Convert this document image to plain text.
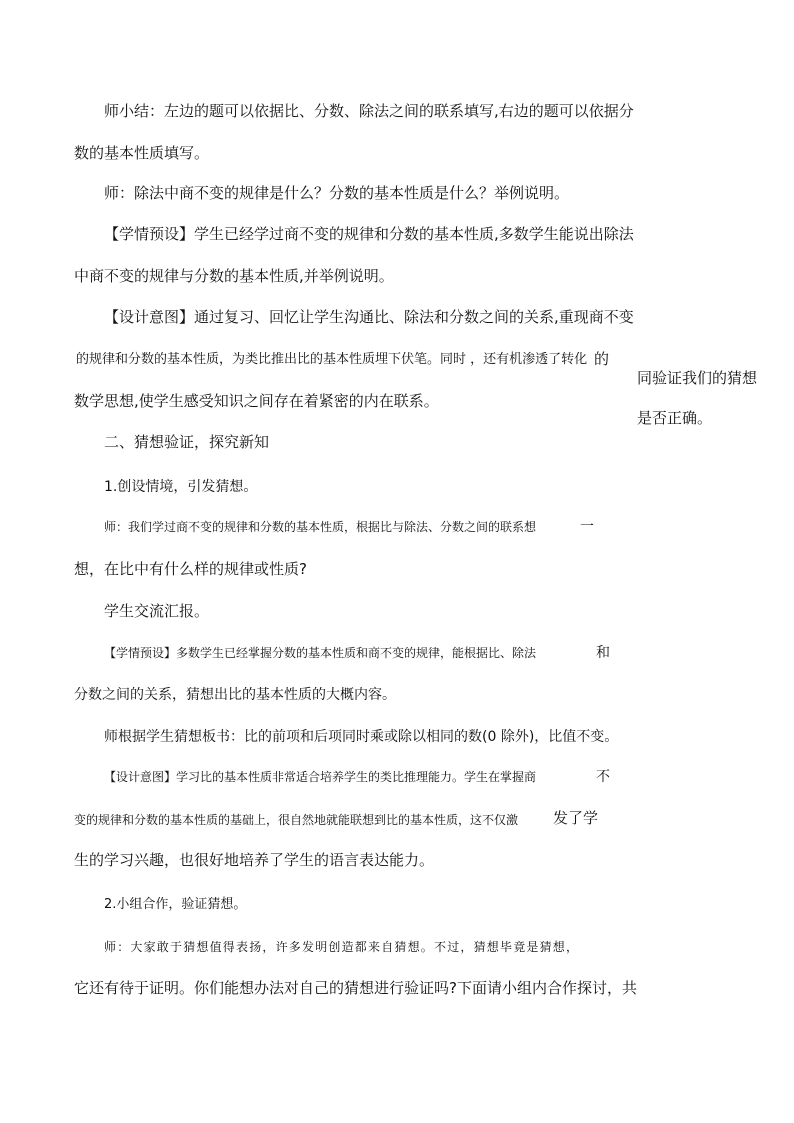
师小结：左边的题可以依据比、分数、除法之间的联系填写,右边的题可以依据分
数的基本性质填写。
师：除法中商不变的规律是什么？分数的基本性质是什么？举例说明。
【学情预设】学生已经学过商不变的规律和分数的基本性质,多数学生能说出除法
中商不变的规律与分数的基本性质,并举例说明。
【设计意图】通过复习、回忆让学生沟通比、除法和分数之间的关系,重现商不变
的规律和分数的基本性质，为类比推出比的基本性质埋下伏笔。同时 ，还有机渗透了转化 的
数学思想,使学生感受知识之间存在着紧密的内在联系。
同验证我们的猜想
是否正确。
二、猜想验证，探究新知
1.创设情境，引发猜想。
师：我们学过商不变的规律和分数的基本性质，根据比与除法、分数之间的联系想	一
想，在比中有什么样的规律或性质?
学生交流汇报。
【学情预设】多数学生已经掌握分数的基本性质和商不变的规律，能根据比、除法	和
分数之间的关系，猜想出比的基本性质的大概内容。
师根据学生猜想板书：比的前项和后项同时乘或除以相同的数(0 除外)，比值不变。
【设计意图】学习比的基本性质非常适合培养学生的类比推理能力。学生在掌握商	不
变的规律和分数的基本性质的基础上，很自然地就能联想到比的基本性质，这不仅激 发了学
生的学习兴趣，也很好地培养了学生的语言表达能力。
2.小组合作，验证猜想。
师：大家敢于猜想值得表扬，许多发明创造都来自猜想。不过，猜想毕竟是猜想，
它还有待于证明。你们能想办法对自己的猜想进行验证吗?下面请小组内合作探讨，共
